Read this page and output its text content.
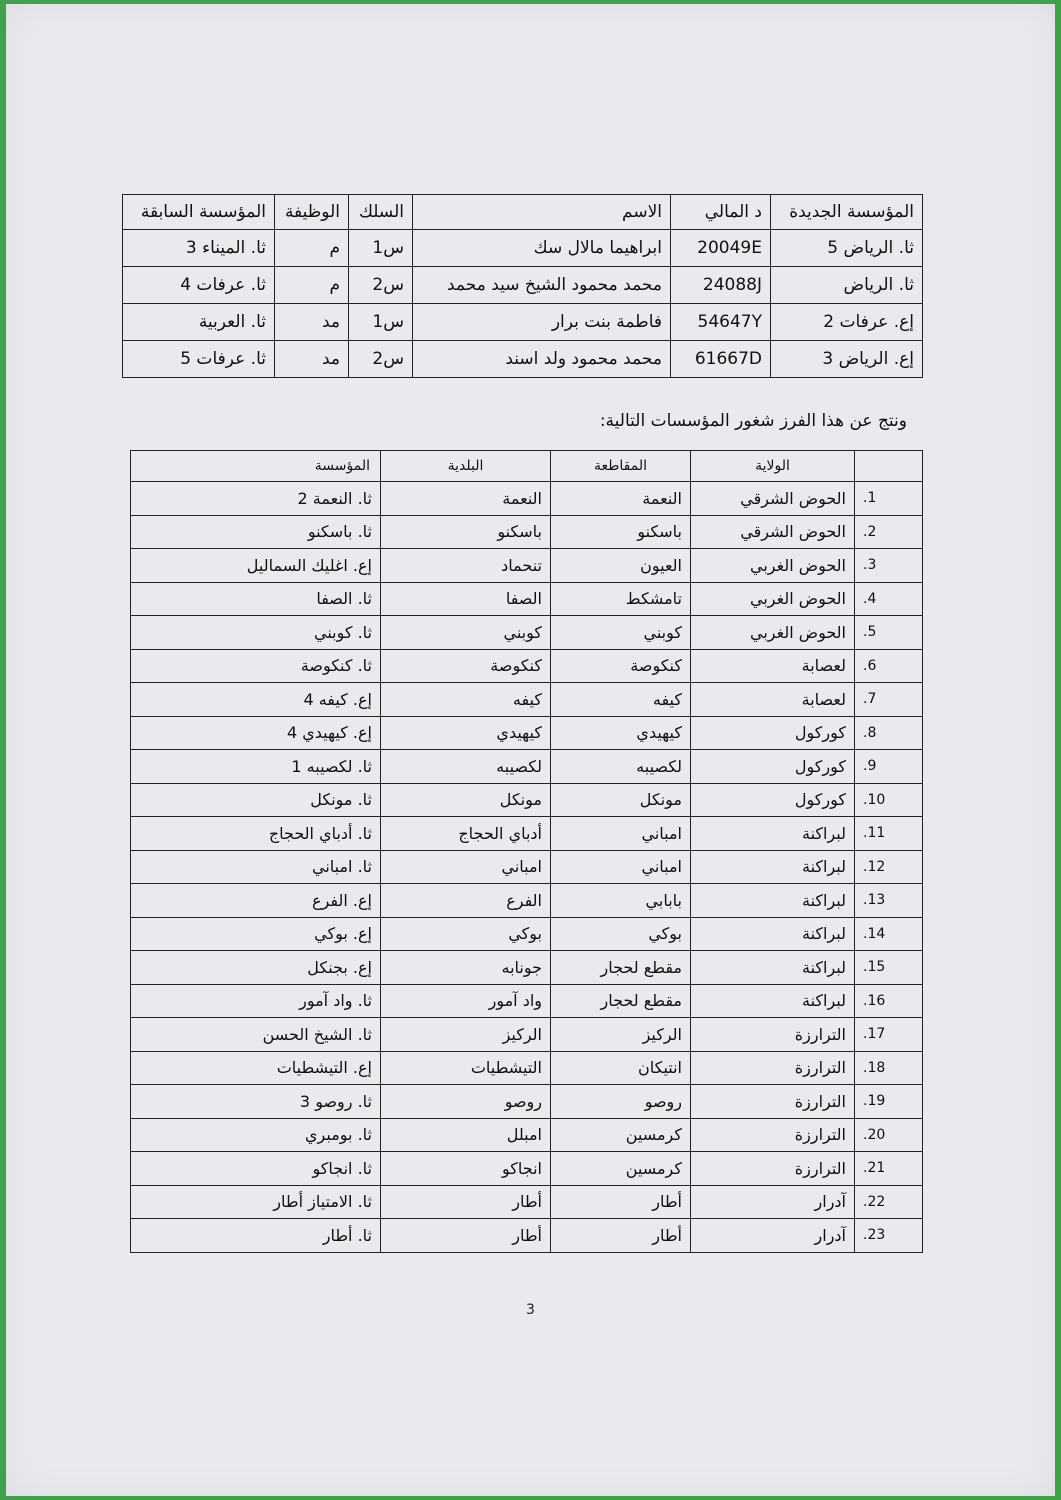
المؤسسة الجديدة	د المالي	الاسم	السلك	الوظيفة	المؤسسة السابقة
ثا. الرياض 5	20049E	ابراهيما مالال سك	س1	م	ثا. الميناء 3
ثا. الرياض	24088J	محمد محمود الشيخ سيد محمد	س2	م	ثا. عرفات 4
إع. عرفات 2	54647Y	فاطمة بنت برار	س1	مد	ثا. العربية
إع. الرياض 3	61667D	محمد محمود ولد اسند	س2	مد	ثا. عرفات 5
ونتج عن هذا الفرز شغور المؤسسات التالية:
	الولاية	المقاطعة	البلدية	المؤسسة
1.	الحوض الشرقي	النعمة	النعمة	ثا. النعمة 2
2.	الحوض الشرقي	باسكنو	باسكنو	ثا. باسكنو
3.	الحوض الغربي	العيون	تنحماد	إع. اغليك السماليل
4.	الحوض الغربي	تامشكط	الصفا	ثا. الصفا
5.	الحوض الغربي	كوبني	كوبني	ثا. كوبني
6.	لعصابة	كنكوصة	كنكوصة	ثا. كنكوصة
7.	لعصابة	كيفه	كيفه	إع. كيفه 4
8.	كوركول	كيهيدي	كيهيدي	إع. كيهيدي 4
9.	كوركول	لكصيبه	لكصيبه	ثا. لكصيبه 1
10.	كوركول	مونكل	مونكل	ثا. مونكل
11.	لبراكنة	امباني	أدباي الحجاج	ثا. أدباي الحجاج
12.	لبراكنة	امباني	امباني	ثا. امباني
13.	لبراكنة	بابابي	الفرع	إع. الفرع
14.	لبراكنة	بوكي	بوكي	إع. بوكي
15.	لبراكنة	مقطع لحجار	جونابه	إع. بجنكل
16.	لبراكنة	مقطع لحجار	واد آمور	ثا. واد آمور
17.	الترارزة	الركيز	الركيز	ثا. الشيخ الحسن
18.	الترارزة	انتيكان	التيشطيات	إع. التيشطيات
19.	الترارزة	روصو	روصو	ثا. روصو 3
20.	الترارزة	كرمسين	امبلل	ثا. بومبري
21.	الترارزة	كرمسين	انجاكو	ثا. انجاكو
22.	آدرار	أطار	أطار	ثا. الامتياز أطار
23.	آدرار	أطار	أطار	ثا. أطار
3
